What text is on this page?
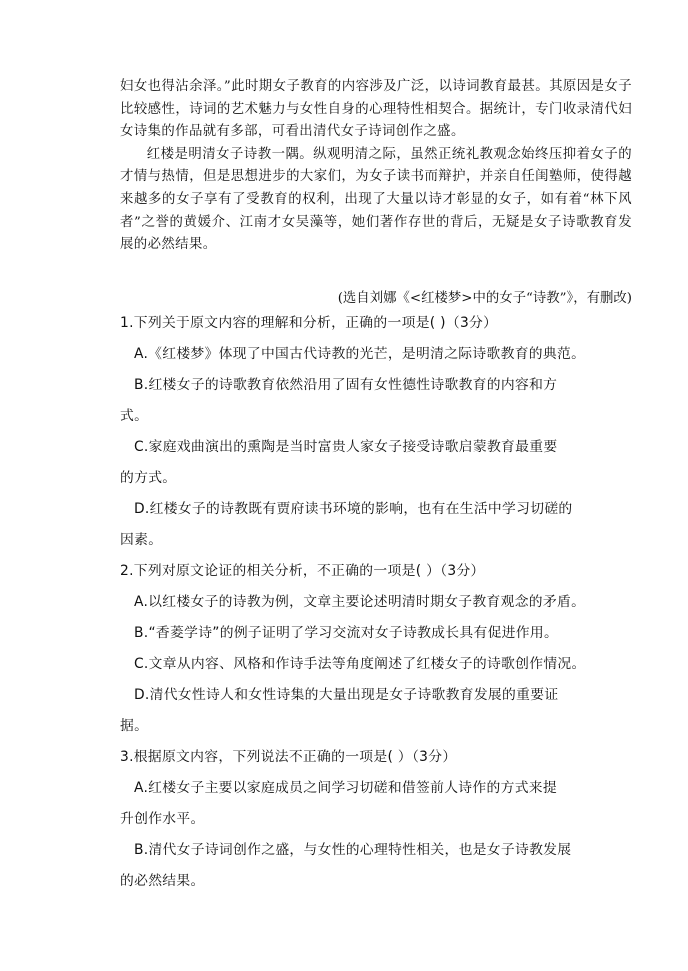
妇女也得沾余泽。”此时期女子教育的内容涉及广泛，以诗词教育最甚。其原因是女子比较感性，诗词的艺术魅力与女性自身的心理特性相契合。据统计，专门收录清代妇女诗集的作品就有多部，可看出清代女子诗词创作之盛。

红楼是明清女子诗教一隅。纵观明清之际，虽然正统礼教观念始终压抑着女子的才情与热情，但是思想进步的大家们，为女子读书而辩护，并亲自任闺塾师，使得越来越多的女子享有了受教育的权利，出现了大量以诗才彰显的女子，如有着“林下风者”之誉的黄媛介、江南才女吴藻等，她们著作存世的背后，无疑是女子诗歌教育发展的必然结果。

(选自刘娜《<红楼梦>中的女子“诗教”》，有删改)
1.下列关于原文内容的理解和分析，正确的一项是( )（3分）
A.《红楼梦》体现了中国古代诗教的光芒，是明清之际诗歌教育的典范。
B.红楼女子的诗歌教育依然沿用了固有女性德性诗歌教育的内容和方
式。
C.家庭戏曲演出的熏陶是当时富贵人家女子接受诗歌启蒙教育最重要
的方式。
D.红楼女子的诗教既有贾府读书环境的影响，也有在生活中学习切磋的
因素。
2.下列对原文论证的相关分析，不正确的一项是( ）（3分）
A.以红楼女子的诗教为例，文章主要论述明清时期女子教育观念的矛盾。
B.“香菱学诗”的例子证明了学习交流对女子诗教成长具有促进作用。
C.文章从内容、风格和作诗手法等角度阐述了红楼女子的诗歌创作情况。
D.清代女性诗人和女性诗集的大量出现是女子诗歌教育发展的重要证
据。
3.根据原文内容，下列说法不正确的一项是( ）（3分）
A.红楼女子主要以家庭成员之间学习切磋和借签前人诗作的方式来提
升创作水平。
B.清代女子诗词创作之盛，与女性的心理特性相关，也是女子诗教发展
的必然结果。
